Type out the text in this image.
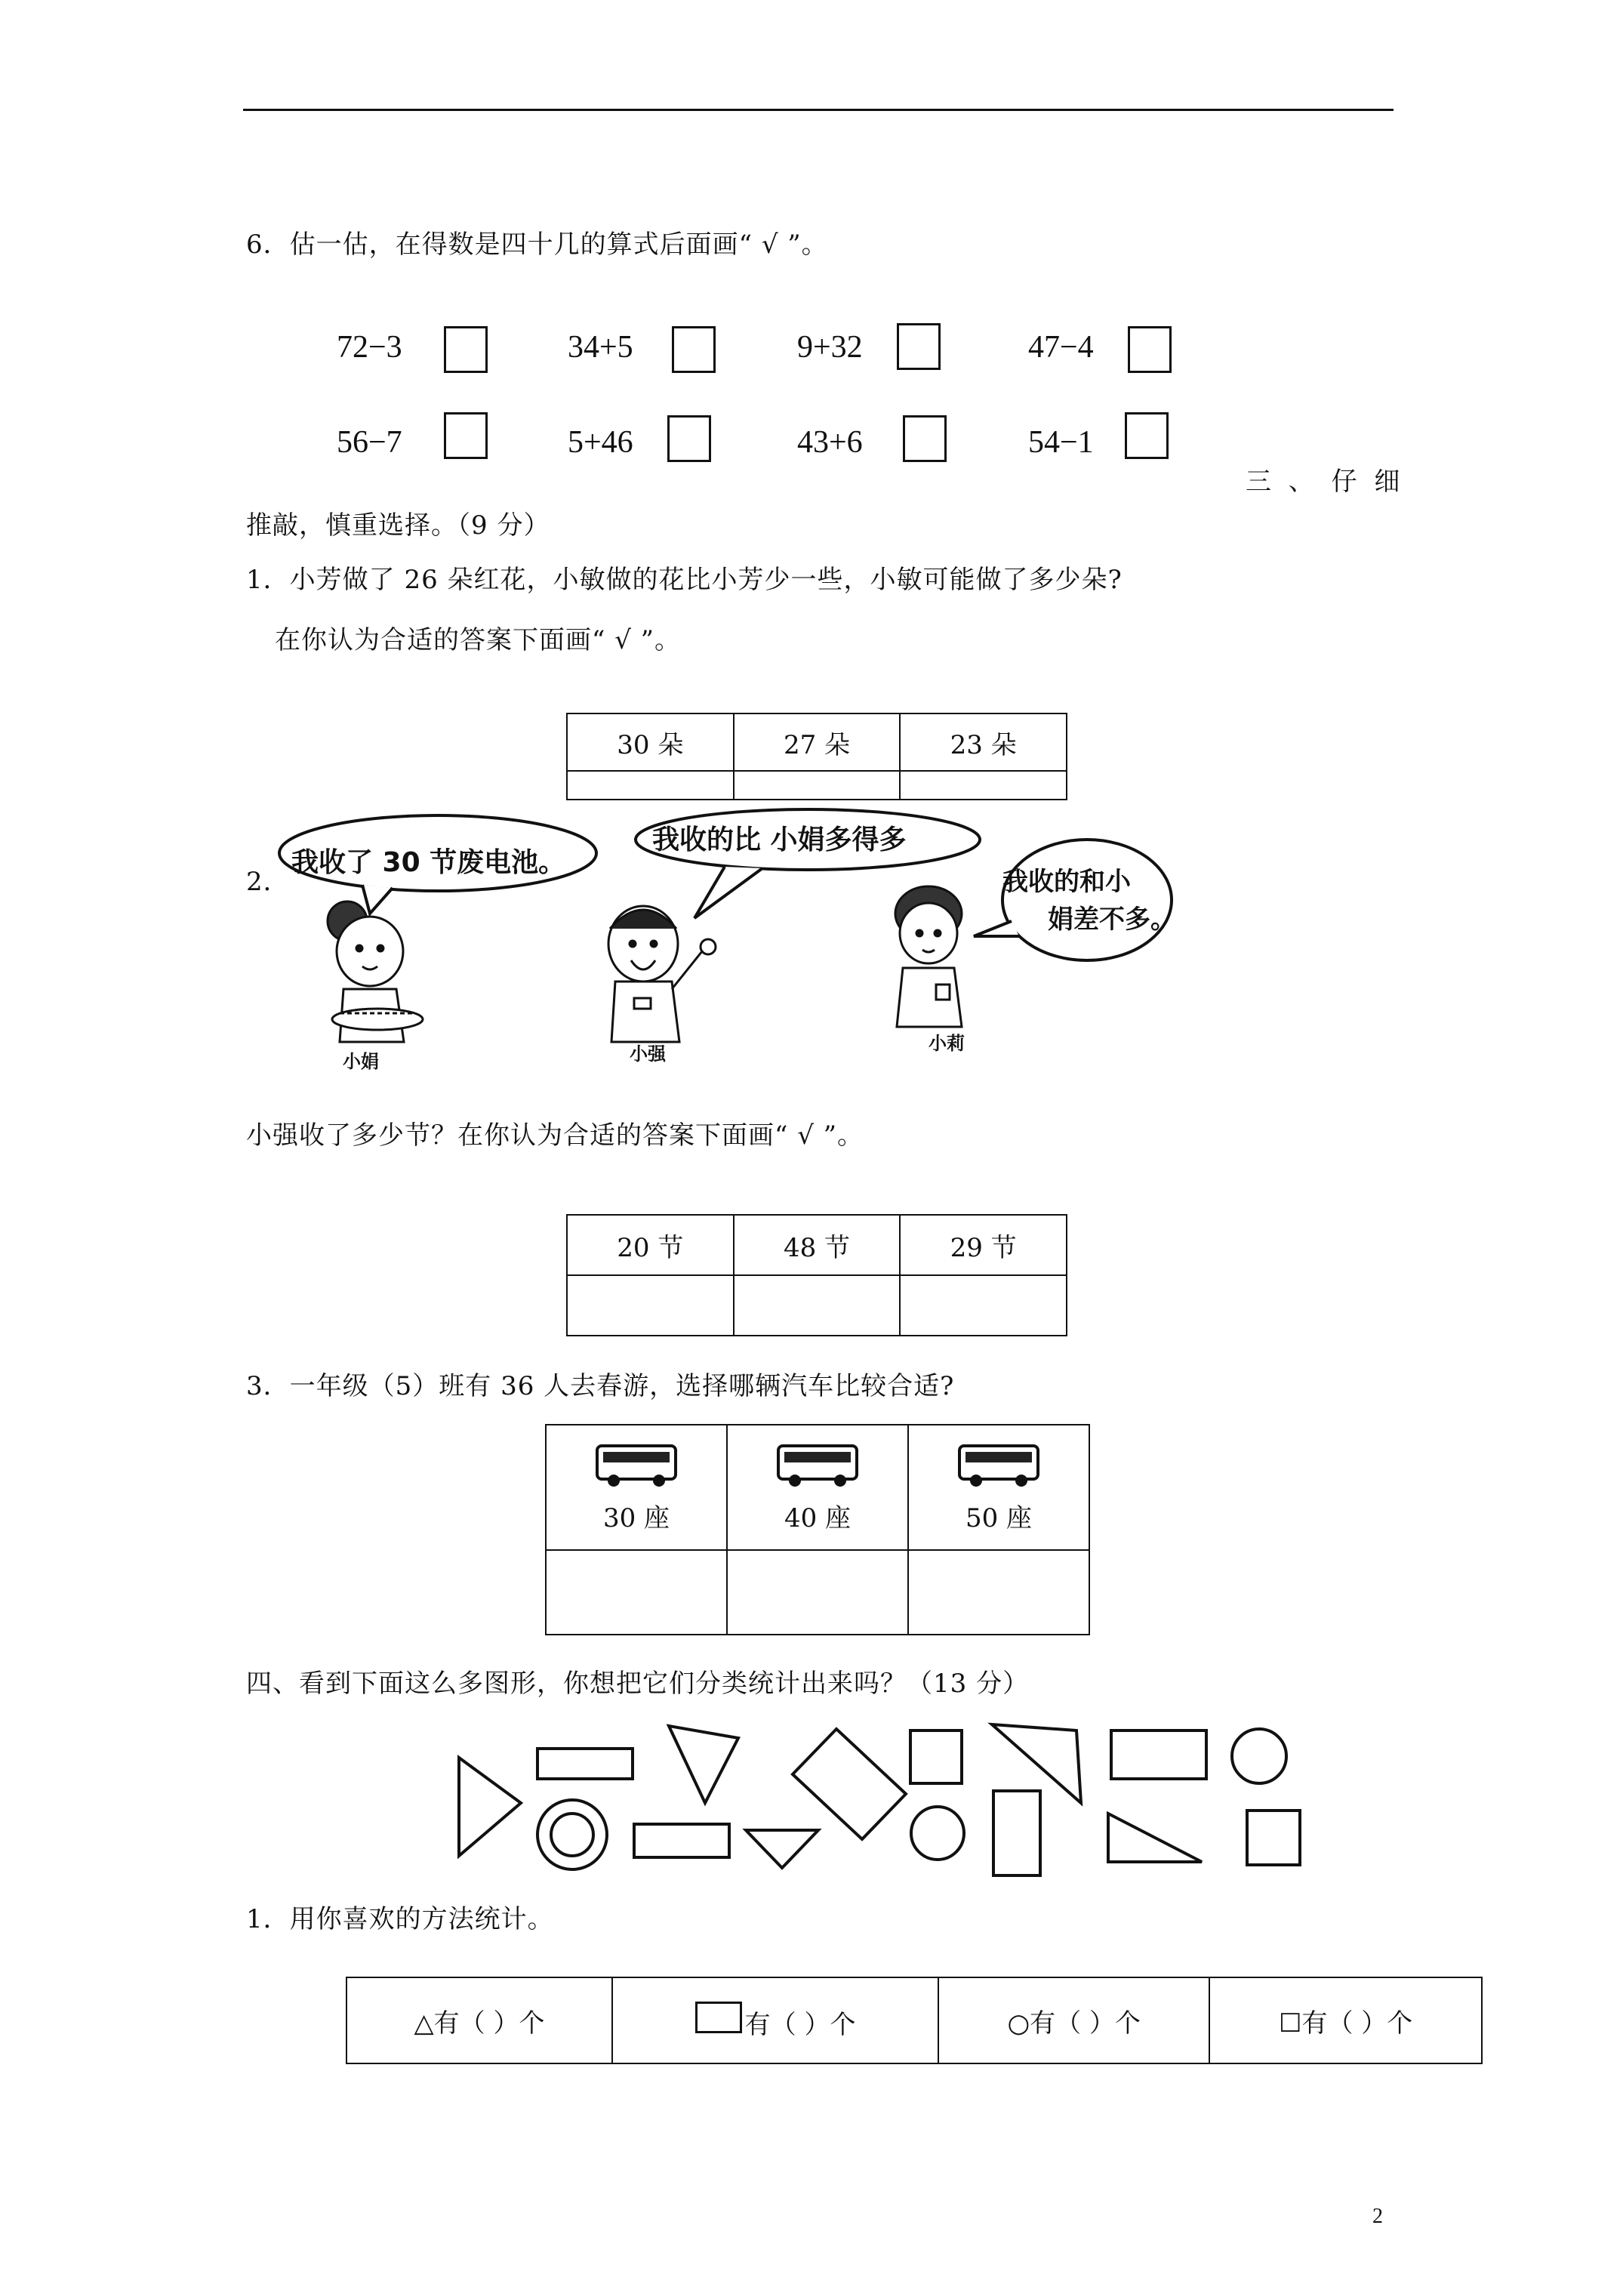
6．估一估，在得数是四十几的算式后面画“ √ ”。
72−3	34+5	9+32	47−4
56−7	5+46	43+6	54−1
三 、 仔 细
推敲，慎重选择。（9 分）
1．小芳做了 26 朵红花，小敏做的花比小芳少一些，小敏可能做了多少朵?
在你认为合适的答案下面画“ √ ”。
30 朵	27 朵	23 朵

2．
我收了 30 节废电池。
我收的比 小娟多得多
我收的和小
娟差不多。
小娟	小强	小莉
小强收了多少节？在你认为合适的答案下面画“ √ ”。
20 节	48 节	29 节

3．一年级（5）班有 36 人去春游，选择哪辆汽车比较合适?
30 座	40 座	50 座

四、看到下面这么多图形，你想把它们分类统计出来吗？（13 分）
1．用你喜欢的方法统计。
△有（ ）个	有（ ）个	○有（ ）个	☐有（ ）个
2
